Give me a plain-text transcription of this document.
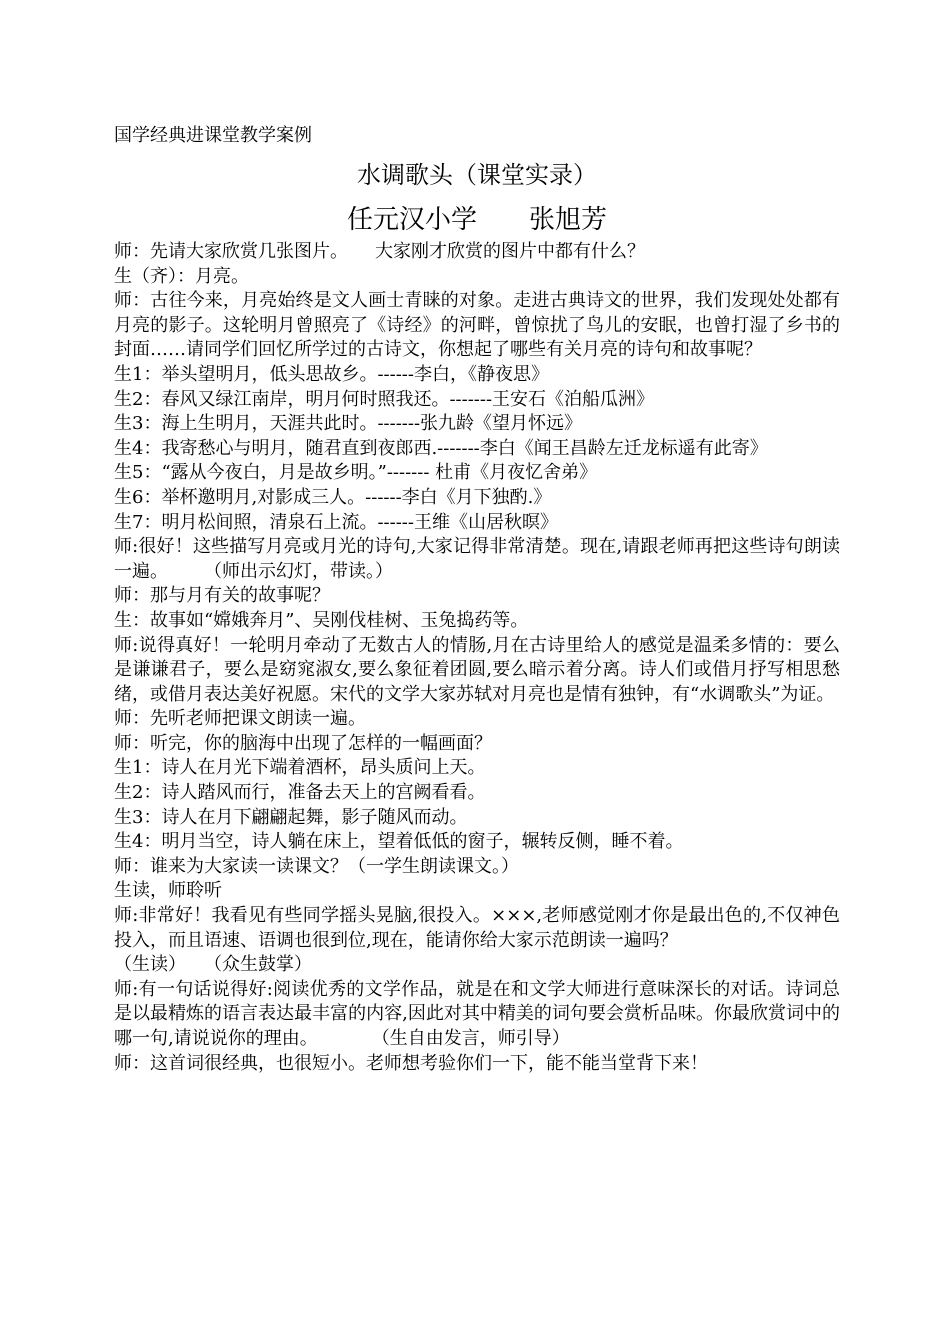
国学经典进课堂教学案例
水调歌头（课堂实录）
任元汉小学　　张旭芳
师：先请大家欣赏几张图片。　　大家刚才欣赏的图片中都有什么？
生（齐）：月亮。
师：古往今来，月亮始终是文人画士青睐的对象。走进古典诗文的世界，我们发现处处都有月亮的影子。这轮明月曾照亮了《诗经》的河畔，曾惊扰了鸟儿的安眠，也曾打湿了乡书的封面……请同学们回忆所学过的古诗文，你想起了哪些有关月亮的诗句和故事呢？
生1：举头望明月，低头思故乡。------李白，《静夜思》
生2：春风又绿江南岸，明月何时照我还。-------王安石《泊船瓜洲》
生3：海上生明月，天涯共此时。-------张九龄《望月怀远》
生4：我寄愁心与明月，随君直到夜郎西.-------李白《闻王昌龄左迁龙标遥有此寄》
生5：“露从今夜白，月是故乡明。”------- 杜甫《月夜忆舍弟》
生6：举杯邀明月,对影成三人。------李白《月下独酌.》
生7：明月松间照，清泉石上流。------王维《山居秋暝》
师:很好！这些描写月亮或月光的诗句,大家记得非常清楚。现在,请跟老师再把这些诗句朗读一遍。　　　（师出示幻灯，带读。）
师：那与月有关的故事呢？
生：故事如“嫦娥奔月”、吴刚伐桂树、玉兔捣药等。
师:说得真好！一轮明月牵动了无数古人的情肠,月在古诗里给人的感觉是温柔多情的：要么是谦谦君子，要么是窈窕淑女,要么象征着团圆,要么暗示着分离。诗人们或借月抒写相思愁绪，或借月表达美好祝愿。宋代的文学大家苏轼对月亮也是情有独钟，有“水调歌头”为证。
师：先听老师把课文朗读一遍。
师：听完，你的脑海中出现了怎样的一幅画面？
生1：诗人在月光下端着酒杯，昂头质问上天。
生2：诗人踏风而行，准备去天上的宫阙看看。
生3：诗人在月下翩翩起舞，影子随风而动。
生4：明月当空，诗人躺在床上，望着低低的窗子，辗转反侧，睡不着。
师：谁来为大家读一读课文？（一学生朗读课文。）
生读，师聆听
师:非常好！我看见有些同学摇头晃脑,很投入。×××,老师感觉刚才你是最出色的,不仅神色投入，而且语速、语调也很到位,现在，能请你给大家示范朗读一遍吗？
（生读）　　（众生鼓掌）
师:有一句话说得好:阅读优秀的文学作品，就是在和文学大师进行意味深长的对话。诗词总是以最精炼的语言表达最丰富的内容,因此对其中精美的词句要会赏析品味。你最欣赏词中的哪一句,请说说你的理由。　　　　（生自由发言，师引导）
师：这首词很经典，也很短小。老师想考验你们一下，能不能当堂背下来！
